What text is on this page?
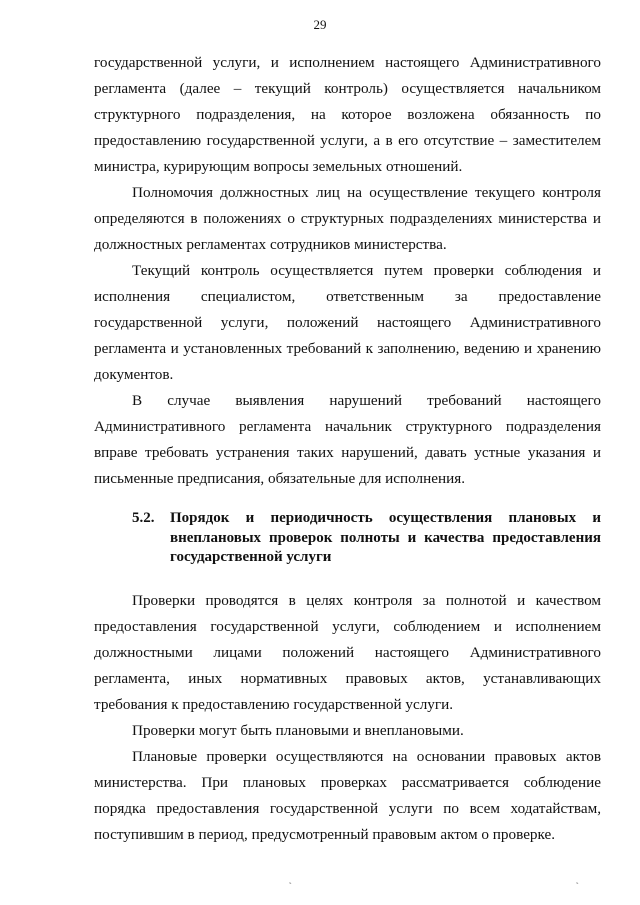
29

государственной услуги, и исполнением настоящего Административного регламента (далее – текущий контроль) осуществляется начальником структурного подразделения, на которое возложена обязанность по предоставлению государственной услуги, а в его отсутствие – заместителем министра, курирующим вопросы земельных отношений.

Полномочия должностных лиц на осуществление текущего контроля определяются в положениях о структурных подразделениях министерства и должностных регламентах сотрудников министерства.

Текущий контроль осуществляется путем проверки соблюдения и исполнения специалистом, ответственным за предоставление государственной услуги, положений настоящего Административного регламента и установленных требований к заполнению, ведению и хранению документов.

В случае выявления нарушений требований настоящего Административного регламента начальник структурного подразделения вправе требовать устранения таких нарушений, давать устные указания и письменные предписания, обязательные для исполнения.

5.2.	Порядок и периодичность осуществления плановых и внеплановых проверок полноты и качества предоставления государственной услуги

Проверки проводятся в целях контроля за полнотой и качеством предоставления государственной услуги, соблюдением и исполнением должностными лицами положений настоящего Административного регламента, иных нормативных правовых актов, устанавливающих требования к предоставлению государственной услуги.

Проверки могут быть плановыми и внеплановыми.

Плановые проверки осуществляются на основании правовых актов министерства. При плановых проверках рассматривается соблюдение порядка предоставления государственной услуги по всем ходатайствам, поступившим в период, предусмотренный правовым актом о проверке.

˛	˛
